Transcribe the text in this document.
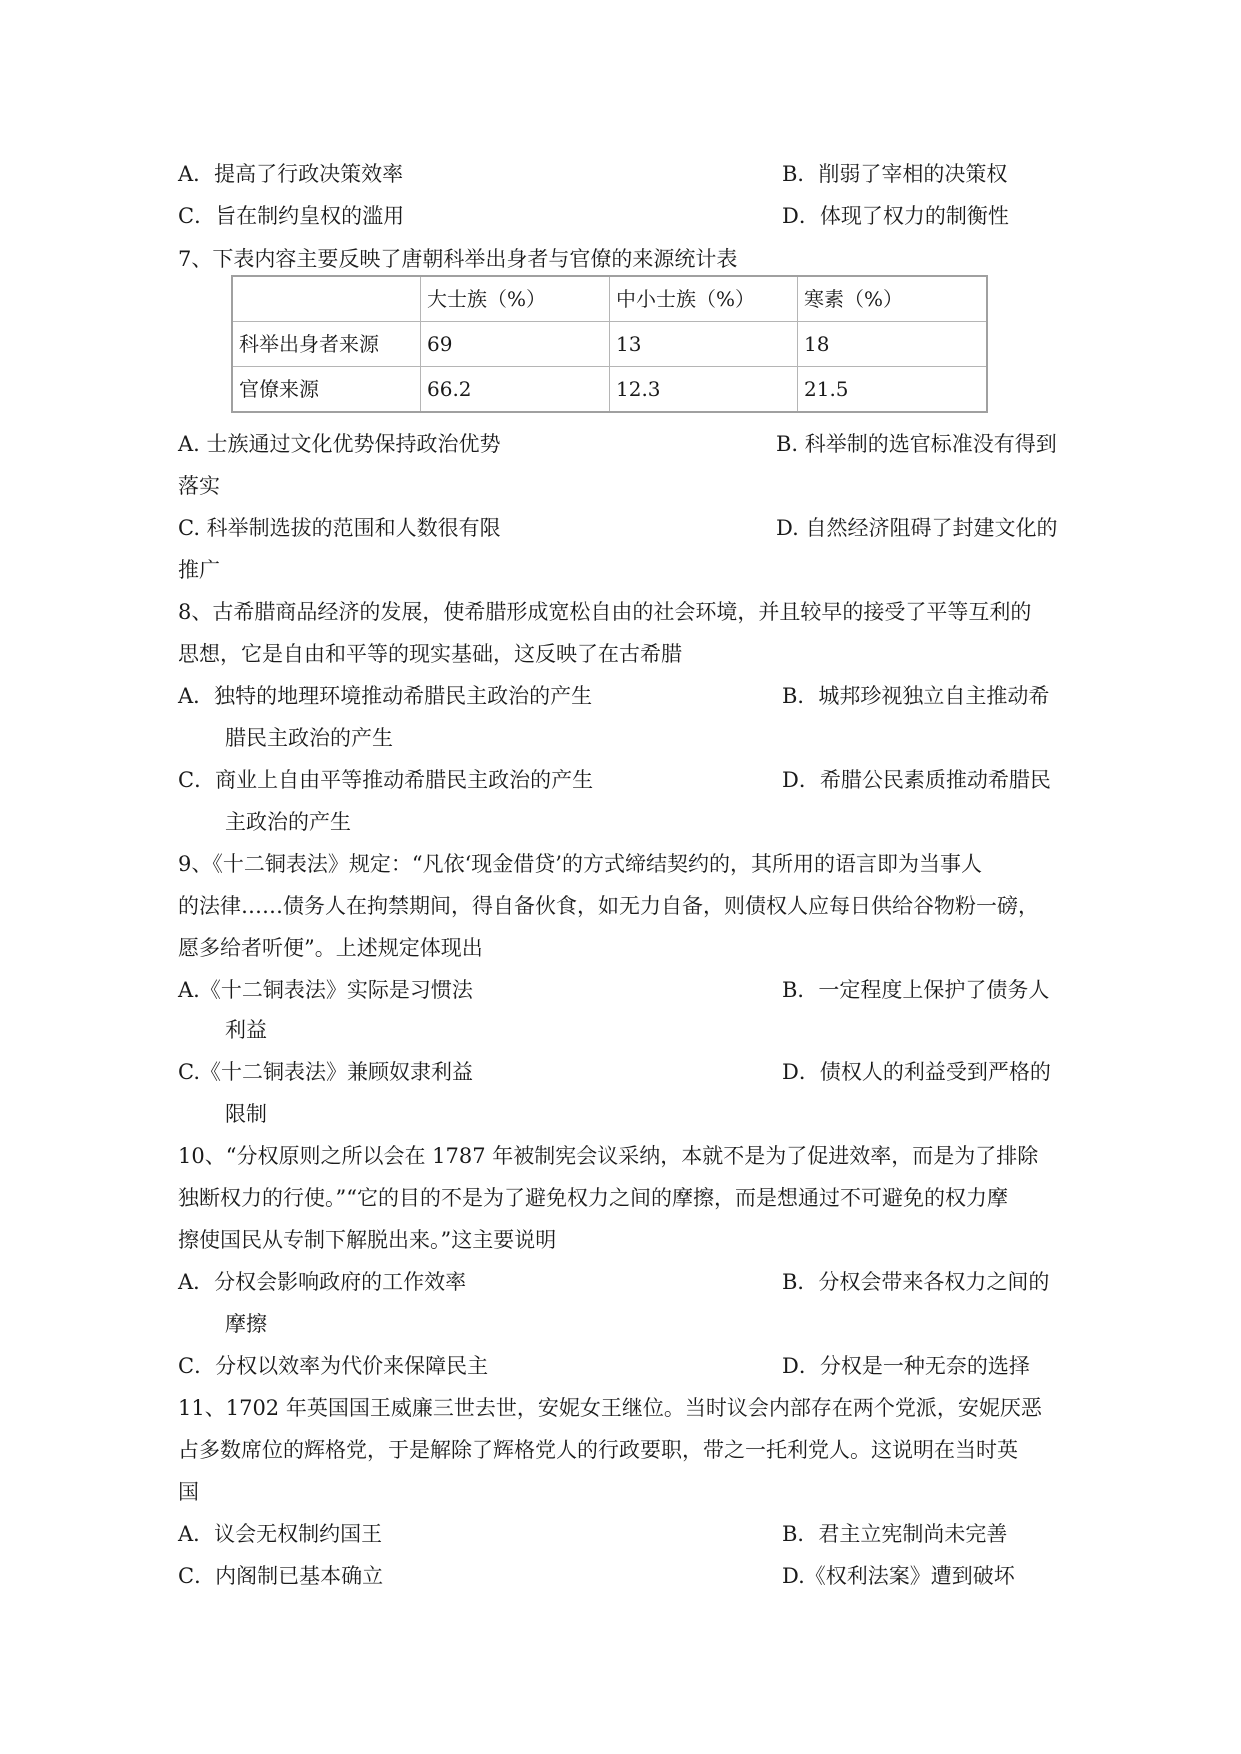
A．提高了行政决策效率	B．削弱了宰相的决策权
C．旨在制约皇权的滥用	D．体现了权力的制衡性
7、下表内容主要反映了唐朝科举出身者与官僚的来源统计表
	大士族（%）	中小士族（%）	寒素（%）
科举出身者来源	69	13	18
官僚来源	66.2	12.3	21.5
A. 士族通过文化优势保持政治优势	B. 科举制的选官标准没有得到
落实
C. 科举制选拔的范围和人数很有限	D. 自然经济阻碍了封建文化的
推广
8、古希腊商品经济的发展，使希腊形成宽松自由的社会环境，并且较早的接受了平等互利的
思想，它是自由和平等的现实基础，这反映了在古希腊
A．独特的地理环境推动希腊民主政治的产生	B．城邦珍视独立自主推动希
腊民主政治的产生
C．商业上自由平等推动希腊民主政治的产生	D．希腊公民素质推动希腊民
主政治的产生
9、《十二铜表法》规定：“凡依‘现金借贷’的方式缔结契约的，其所用的语言即为当事人
的法律……债务人在拘禁期间，得自备伙食，如无力自备，则债权人应每日供给谷物粉一磅，
愿多给者听便”。上述规定体现出
A.《十二铜表法》实际是习惯法	B．一定程度上保护了债务人
利益
C.《十二铜表法》兼顾奴隶利益	D．债权人的利益受到严格的
限制
10、“分权原则之所以会在 1787 年被制宪会议采纳，本就不是为了促进效率，而是为了排除
独断权力的行使。”“它的目的不是为了避免权力之间的摩擦，而是想通过不可避免的权力摩
擦使国民从专制下解脱出来。”这主要说明
A．分权会影响政府的工作效率	B．分权会带来各权力之间的
摩擦
C．分权以效率为代价来保障民主	D．分权是一种无奈的选择
11、1702 年英国国王威廉三世去世，安妮女王继位。当时议会内部存在两个党派，安妮厌恶
占多数席位的辉格党，于是解除了辉格党人的行政要职，带之一托利党人。这说明在当时英
国
A．议会无权制约国王	B．君主立宪制尚未完善
C．内阁制已基本确立	D.《权利法案》遭到破坏
